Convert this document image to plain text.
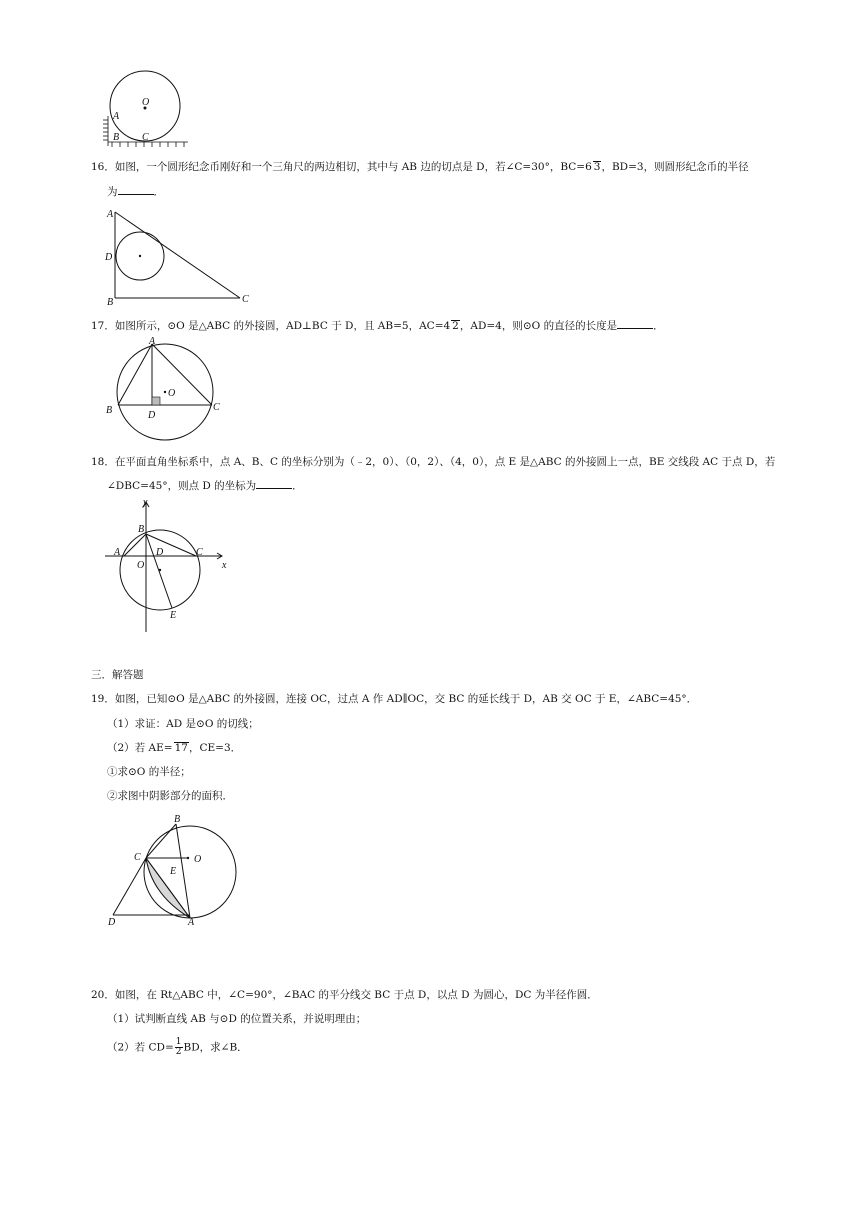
O
A
B C
16．如图，一个圆形纪念币刚好和一个三角尺的两边相切，其中与 AB 边的切点是 D，若∠C=30°，BC=6 3，BD=3，则圆形纪念币的半径
为	．
A
D
B	C
17．如图所示，⊙O 是△ABC 的外接圆，AD⊥BC 于 D，且 AB=5，AC=4 2，AD=4，则⊙O 的直径的长度是	．
A
B	C
D
O
18．在平面直角坐标系中，点 A、B、C 的坐标分别为（﹣2，0）、（0，2）、（4，0），点 E 是△ABC 的外接圆上一点，BE 交线段 AC 于点 D，若
∠DBC=45°，则点 D 的坐标为	．
y
x
A
B
C
D
O
E
三．解答题
19．如图，已知⊙O 是△ABC 的外接圆，连接 OC，过点 A 作 AD∥OC，交 BC 的延长线于 D，AB 交 OC 于 E，∠ABC=45°．
（1）求证：AD 是⊙O 的切线；
（2）若 AE= 17，CE=3．
①求⊙O 的半径；
②求图中阴影部分的面积．
B
C
E
O
D	A
20．如图，在 Rt△ABC 中，∠C=90°，∠BAC 的平分线交 BC 于点 D，以点 D 为圆心，DC 为半径作圆．
（1）试判断直线 AB 与⊙D 的位置关系，并说明理由；
（2）若 $CD= \frac{1}{2}$ BD，求∠B．
